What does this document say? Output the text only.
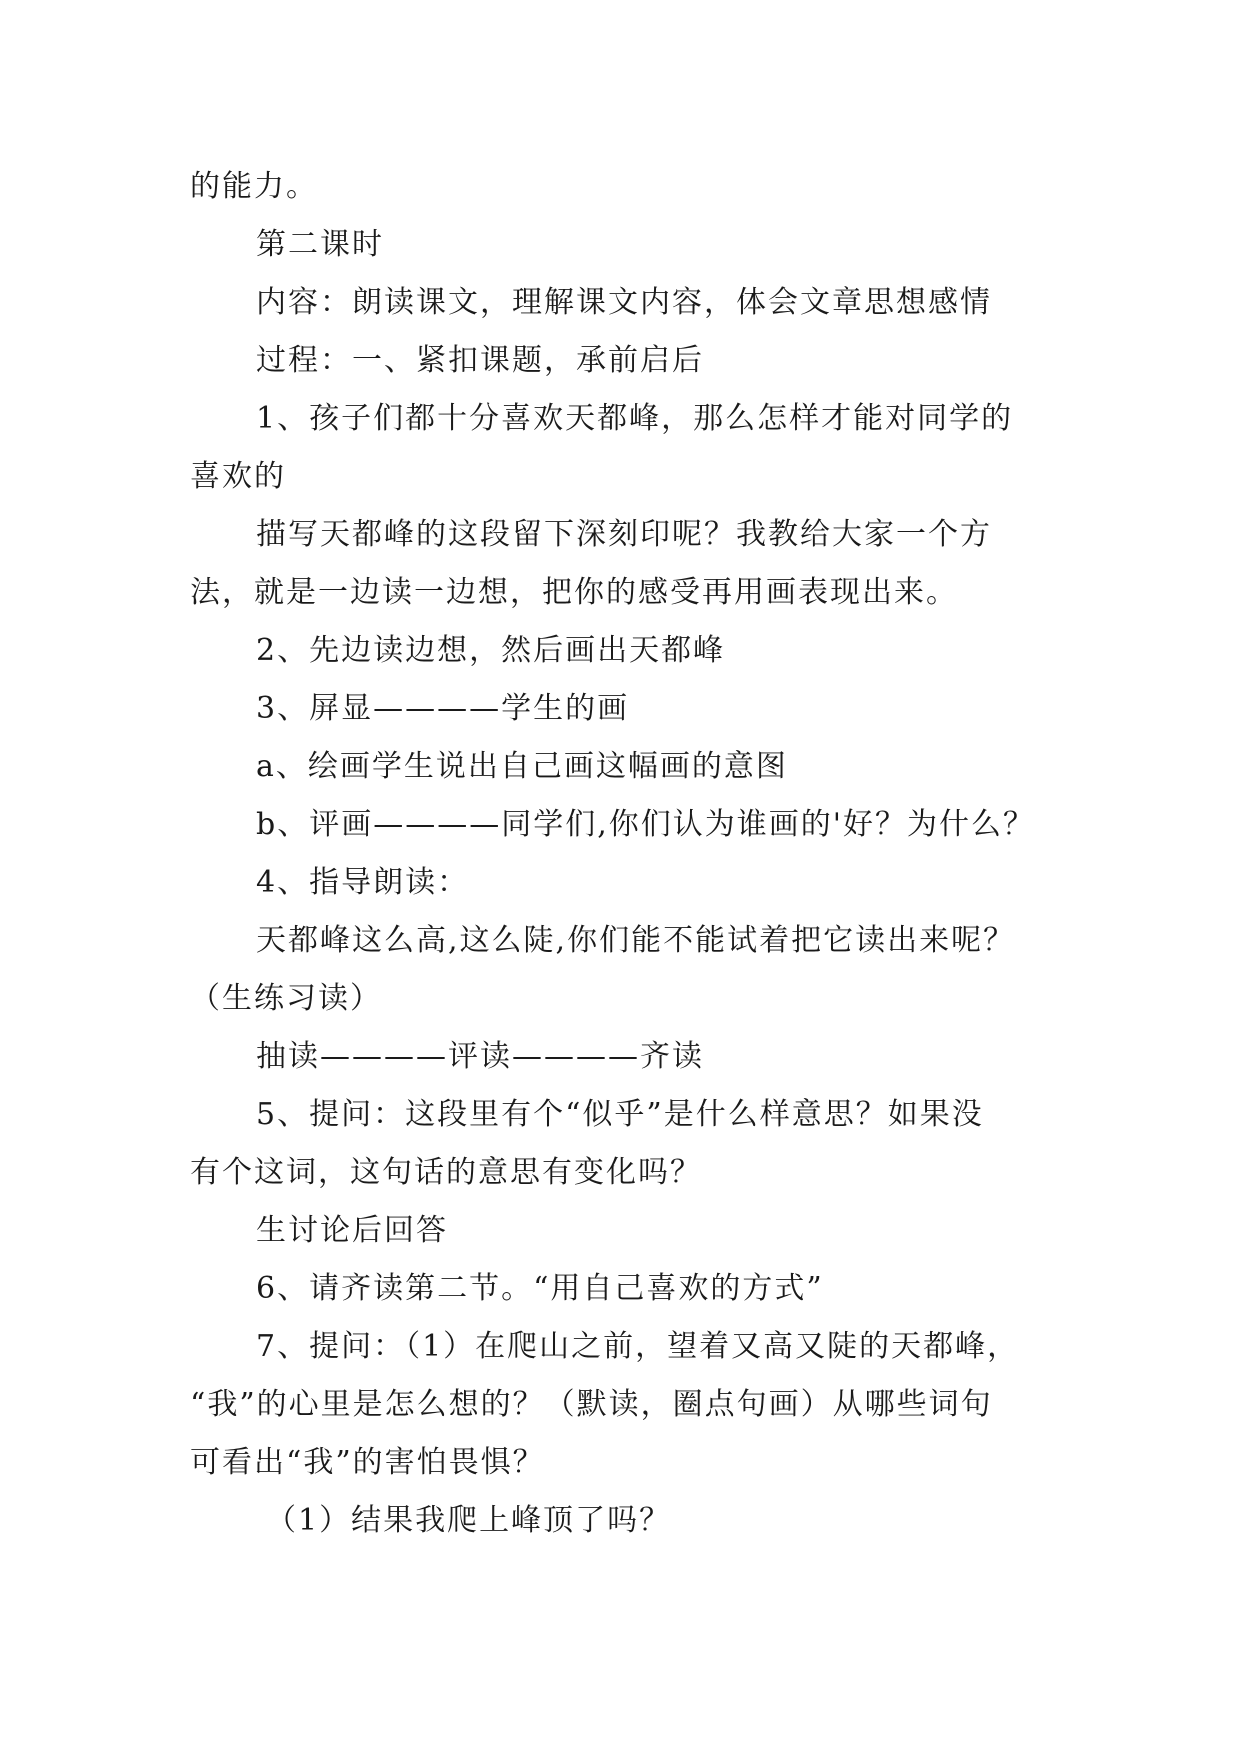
的能力。

第二课时

内容：朗读课文，理解课文内容，体会文章思想感情

过程：一、紧扣课题，承前启后

1、孩子们都十分喜欢天都峰，那么怎样才能对同学的

喜欢的

描写天都峰的这段留下深刻印呢？我教给大家一个方

法，就是一边读一边想，把你的感受再用画表现出来。

2、先边读边想，然后画出天都峰

3、屏显————学生的画

a、绘画学生说出自己画这幅画的意图

b、评画————同学们,你们认为谁画的'好？为什么？

4、指导朗读：

天都峰这么高,这么陡,你们能不能试着把它读出来呢？

（生练习读）

抽读————评读————齐读

5、提问：这段里有个“似乎”是什么样意思？如果没

有个这词，这句话的意思有变化吗？

生讨论后回答

6、请齐读第二节。“用自己喜欢的方式”

7、提问：（1）在爬山之前，望着又高又陡的天都峰，

“我”的心里是怎么想的？（默读，圈点句画）从哪些词句

可看出“我”的害怕畏惧？

（1）结果我爬上峰顶了吗？
